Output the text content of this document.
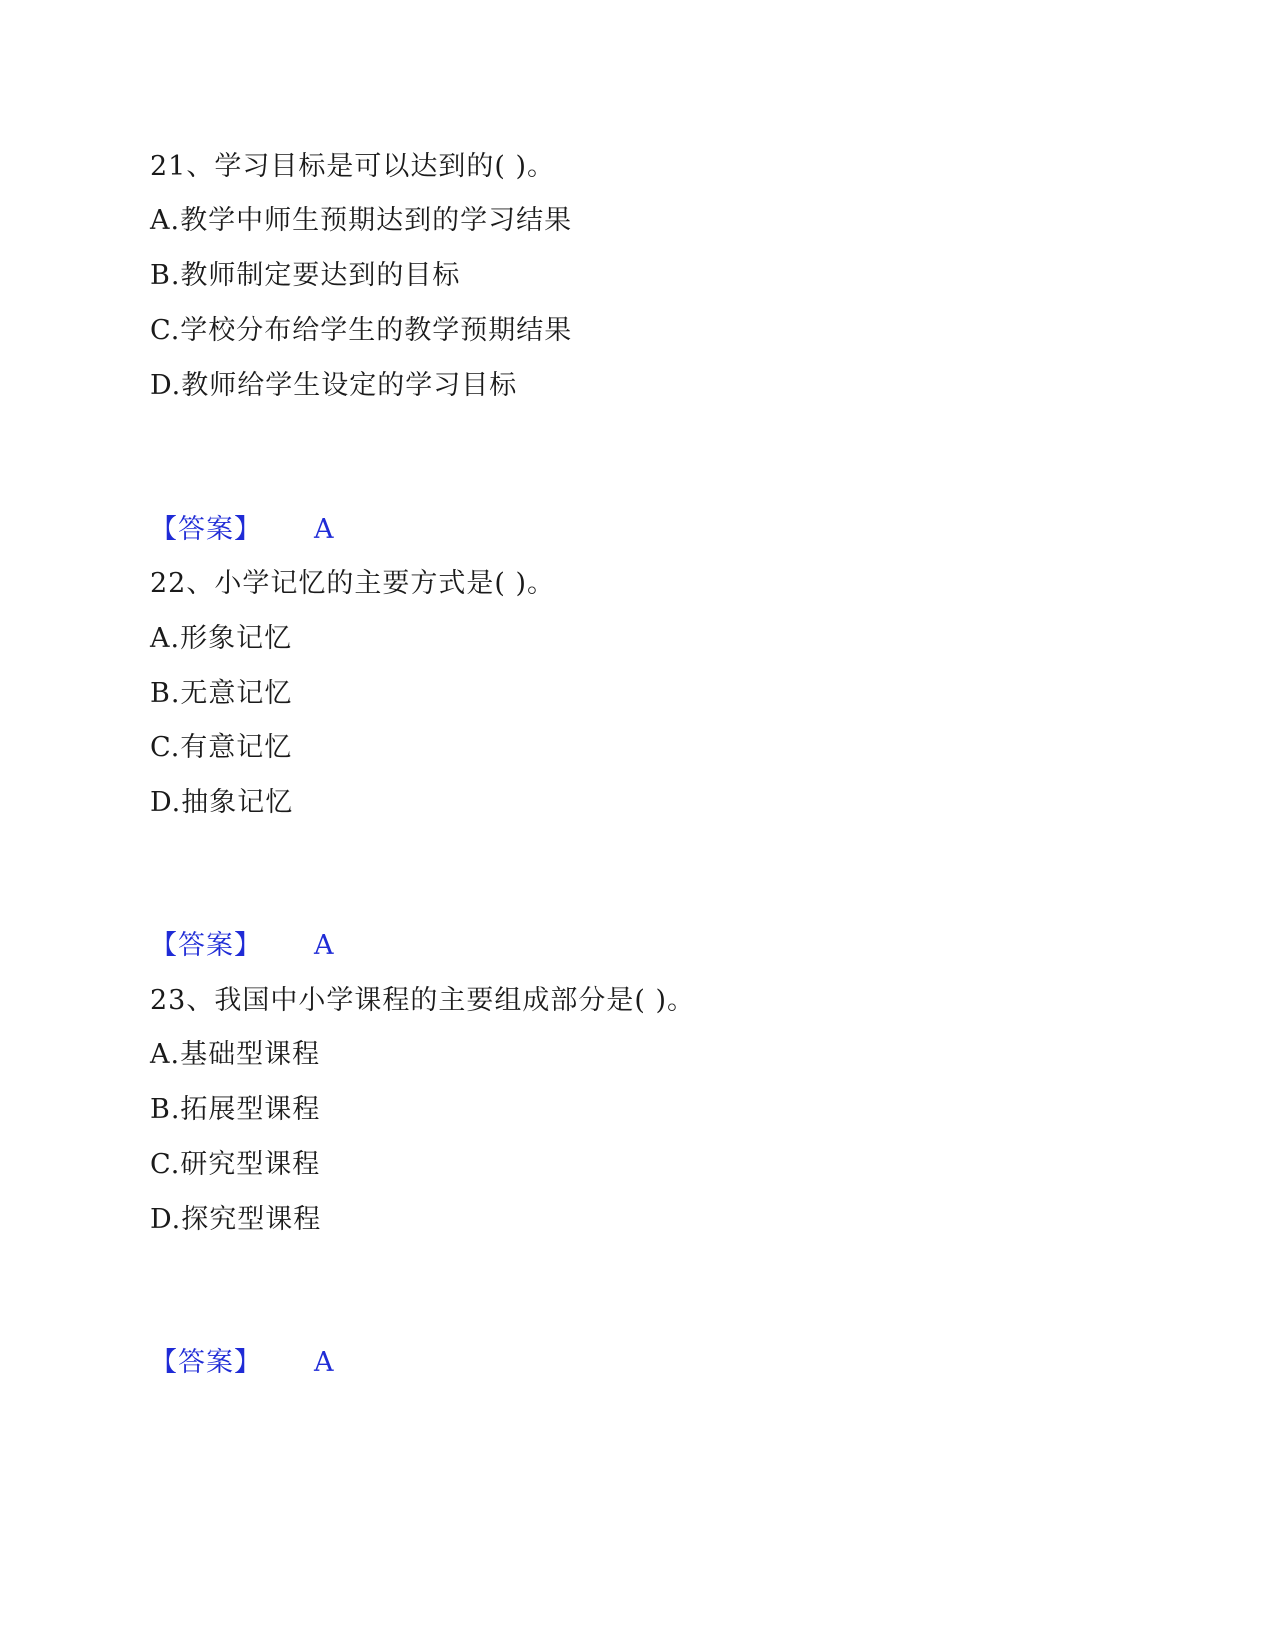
21、学习目标是可以达到的( )。
A.教学中师生预期达到的学习结果
B.教师制定要达到的目标
C.学校分布给学生的教学预期结果
D.教师给学生设定的学习目标
【答案】 A
22、小学记忆的主要方式是( )。
A.形象记忆
B.无意记忆
C.有意记忆
D.抽象记忆
【答案】 A
23、我国中小学课程的主要组成部分是( )。
A.基础型课程
B.拓展型课程
C.研究型课程
D.探究型课程
【答案】 A
